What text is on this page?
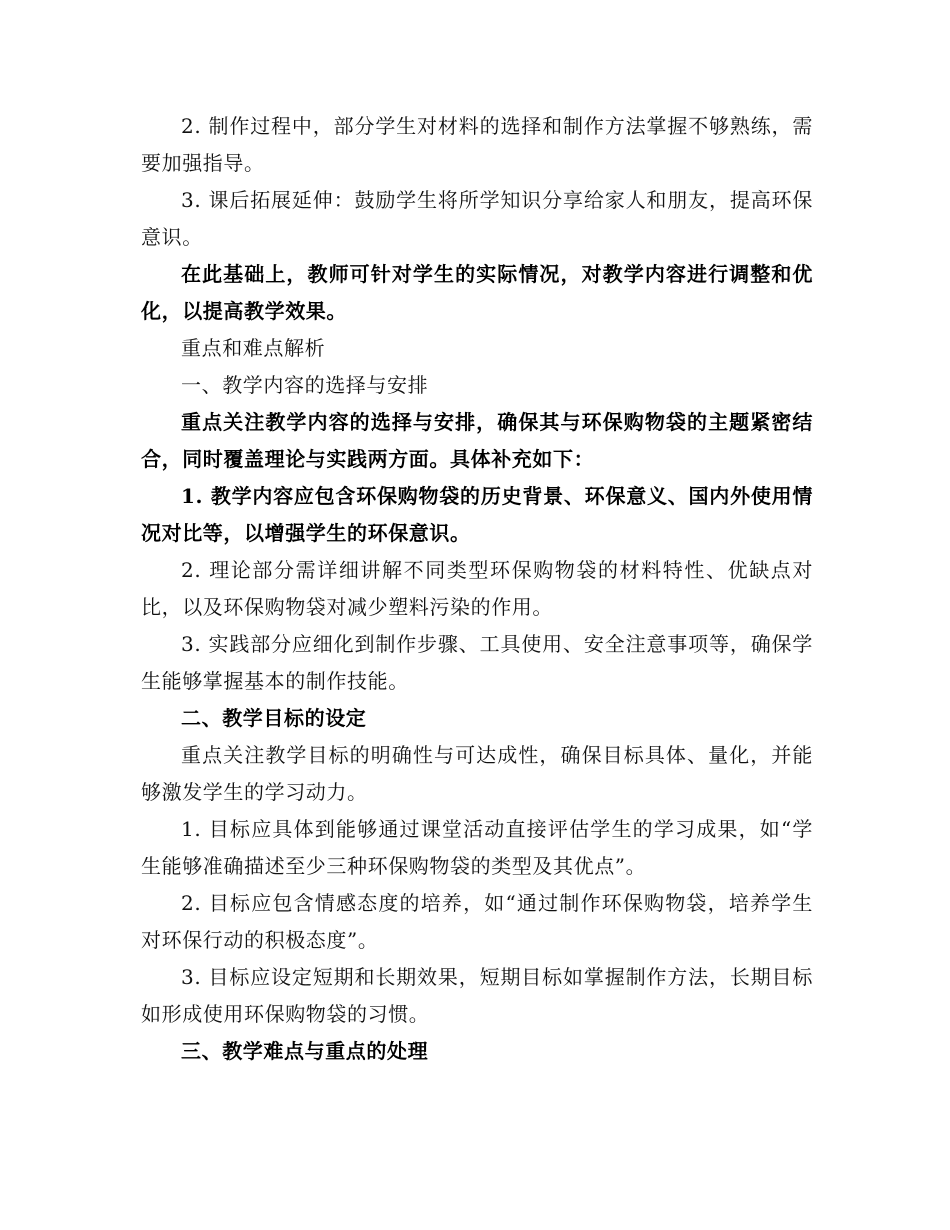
2. 制作过程中，部分学生对材料的选择和制作方法掌握不够熟练，需要加强指导。

3. 课后拓展延伸：鼓励学生将所学知识分享给家人和朋友，提高环保意识。

在此基础上，教师可针对学生的实际情况，对教学内容进行调整和优化，以提高教学效果。

重点和难点解析

一、教学内容的选择与安排

重点关注教学内容的选择与安排，确保其与环保购物袋的主题紧密结合，同时覆盖理论与实践两方面。具体补充如下：

1. 教学内容应包含环保购物袋的历史背景、环保意义、国内外使用情况对比等，以增强学生的环保意识。

2. 理论部分需详细讲解不同类型环保购物袋的材料特性、优缺点对比，以及环保购物袋对减少塑料污染的作用。

3. 实践部分应细化到制作步骤、工具使用、安全注意事项等，确保学生能够掌握基本的制作技能。

二、教学目标的设定

重点关注教学目标的明确性与可达成性，确保目标具体、量化，并能够激发学生的学习动力。

1. 目标应具体到能够通过课堂活动直接评估学生的学习成果，如“学生能够准确描述至少三种环保购物袋的类型及其优点”。

2. 目标应包含情感态度的培养，如“通过制作环保购物袋，培养学生对环保行动的积极态度”。

3. 目标应设定短期和长期效果，短期目标如掌握制作方法，长期目标如形成使用环保购物袋的习惯。

三、教学难点与重点的处理
